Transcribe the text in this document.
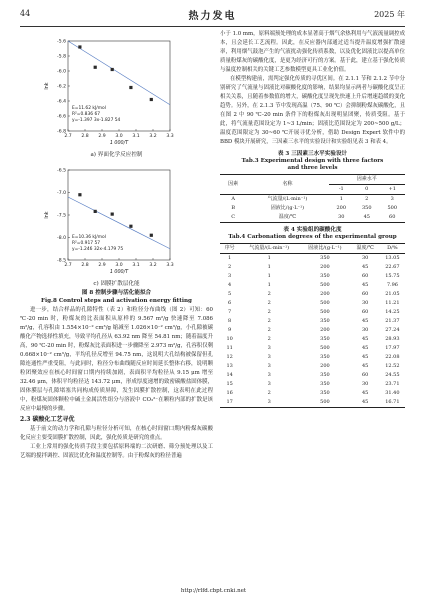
44	热力发电	2025 年
2.7 2.8 2.9 3.0 3.1 3.2 3.3
-5.6
-5.8
-6.0
-6.2
-6.4
-6.6
-6.8
1 000/T
lnk
E=11.62 kJ/mol
R²=0.836 67
y=-1.397 3x-1.827 54
a) 界面化学反应控制
2.7 2.8 2.9 3.0 3.1 3.2 3.3
-6.5
-7.0
-7.5
-8.0
-8.5
1 000/T
lnk
E=10.36 kJ/mol
R²=0.917 57
y=-1.246 32x-4.179 75
c) 固膜扩散层化能
图 8 控制步骤与活化能拟合
Fig.8 Control steps and activation energy fitting

进一步，结合样品的孔隙特性（表 2）和粒径分布曲线（图 2）可知：60 ℃-20 min 时，粉煤灰的比表面积从原样的 9.567 m²/g 快速降至 7.086 m²/g，孔容积由 1.554×10⁻² cm³/g 缩减至 1.026×10⁻² cm³/g，小孔隙被碳酸化产物选择性填充，导致平均孔径从 63.92 nm 降至 54.81 nm；随着温度升高，90 ℃-20 min 时，粉煤灰比表面积进一步骤降至 2.973 m²/g，孔容积仅剩 0.668×10⁻² cm³/g，平均孔径反增至 94.75 nm，这说明大孔结构被保留但孔隙连通性严重受阻，与此同时，粒径分布曲线随反应时间延长整体右移，说明颗粒团聚效应在核心时间窗口期内持续加剧，表面积平均粒径从 9.15 μm 增至 32.46 μm，体积平均粒径达 143.72 μm，形成厚度递增的致密碳酸盐固体膜，固体膜层与孔隙堵塞共同构成传质屏障，发生固膜扩散控制，这表明在此过程中，粉煤灰固体颗粒中碱土金属活性组分与溶液中 CO₃²⁻在颗粒内部的扩散是该反应中最慢的步骤。

2.3 碳酸化工艺寻优

基于前文的动力学和孔隙与粒径分析可知，在核心时间窗口期内粉煤灰碳酸化反应主要受固膜扩散控制，因此，强化传质是研究的重点。

工业上常用的强化传质手段主要包括原料端的二次研磨、筛分预处理以及工艺端的搅拌调控、固液比优化和温度控制等。由于粉煤灰的粒径普遍

小于 1.0 mm，原料端预处理的成本显著高于烟气余热利用与气液流量调控成本，且会延长工艺流程。因此，在反应器内部通过适当提升温度增强扩散速率，利用烟气鼓泡产生的气液扰动强化传质系数，以及优化固液比以提高单位质量粉煤灰的碳酸化度，是更为经济可行的方案。基于此，建立基于强化传质与温度控制相关的关键工艺参数模型更具工业化价值。

在模型构建前，需判定强化传质的寻优区间。在 2.1.1 节和 2.1.2 节中分别研究了气流量与固液比对碳酸化度的影响，结果均显示两者与碳酸化度呈正相关关系，且随着参数值的增大，碳酸化度呈现先快速上升后增速趋缓的变化趋势。另外，在 2.1.3 节中发现高温（75、90 ℃）会抑制粉煤灰碳酸化，且在图 2 中 90 ℃-20 min 条件下的粉煤灰出现明显团聚，传质受阻。基于此，将气流量范围设定为 1~3 L/min；固液比范围设定为 200~500 g/L；温度范围限定为 30~60 ℃开展寻优分析，借助 Design Expert 软件中的 BBD 模块开展研究，三因素三水平的实验设计和实验组见表 3 和表 4。

表 3 三因素三水平实验设计
Tab.3 Experimental design with three factors
and three levels
因素	名称	因素水平		
		-1	0	+1
A	气流量/(L·min⁻¹)	1	2	3
B	固液比/(g·L⁻¹)	200	350	500
C	温度/℃	30	45	60
表 4 实验组的碳酸化度
Tab.4 Carbonation degrees of the experimental group
序号	气流量/(L·min⁻¹)	固液比/(g·L⁻¹)	温度/℃	D/%
1	1	350	30	13.05
2	1	200	45	22.67
3	1	350	60	15.75
4	1	500	45	7.96
5	2	200	60	21.05
6	2	500	30	11.21
7	2	500	60	14.25
8	2	350	45	21.37
9	2	200	30	27.24
10	2	350	45	28.93
11	3	500	45	17.97
12	3	350	45	22.08
13	3	200	45	12.52
14	3	350	60	24.55
15	3	350	30	23.71
16	2	350	45	31.40
17	3	500	45	16.71
http://rlfd.cbpt.cnki.net
